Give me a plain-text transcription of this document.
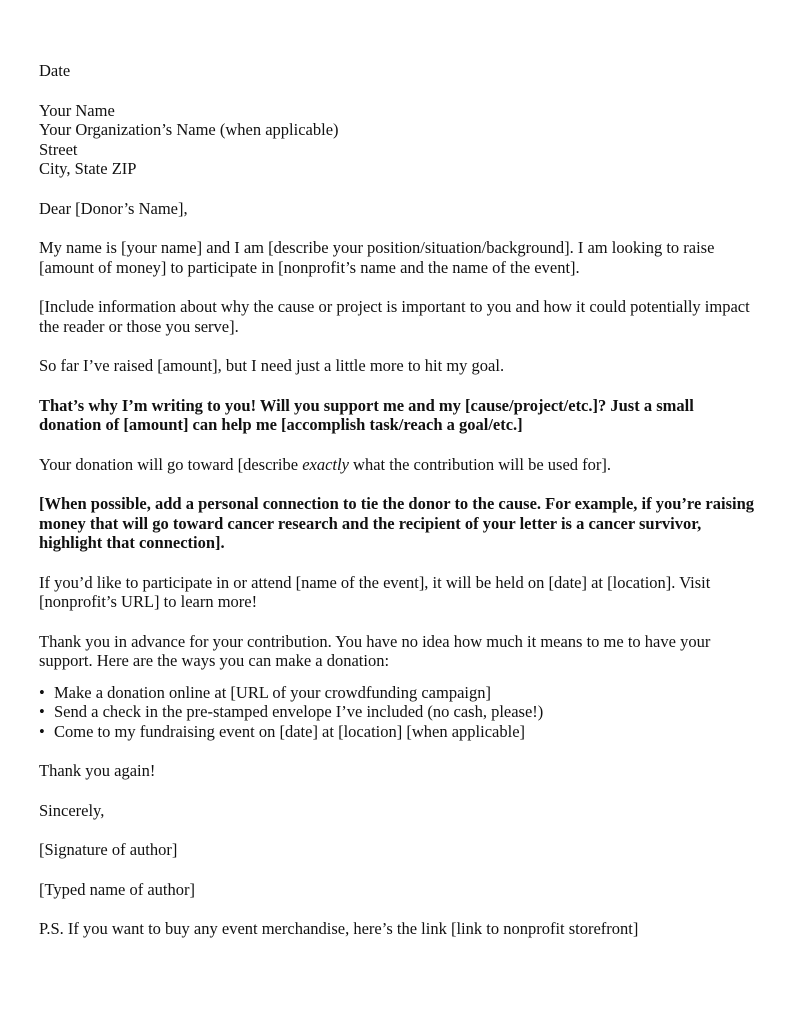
Date

Your Name

Your Organization’s Name (when applicable)

Street

City, State ZIP

Dear [Donor’s Name],

My name is [your name] and I am [describe your position/situation/background]. I am looking to raise [amount of money] to participate in [nonprofit’s name and the name of the event].

[Include information about why the cause or project is important to you and how it could potentially impact the reader or those you serve].

So far I’ve raised [amount], but I need just a little more to hit my goal.

That’s why I’m writing to you! Will you support me and my [cause/project/etc.]? Just a small donation of [amount] can help me [accomplish task/reach a goal/etc.]

Your donation will go toward [describe exactly what the contribution will be used for].

[When possible, add a personal connection to tie the donor to the cause. For example, if you’re raising money that will go toward cancer research and the recipient of your letter is a cancer survivor, highlight that connection].

If you’d like to participate in or attend [name of the event], it will be held on [date] at [location]. Visit [nonprofit’s URL] to learn more!

Thank you in advance for your contribution. You have no idea how much it means to me to have your support. Here are the ways you can make a donation:

• Make a donation online at [URL of your crowdfunding campaign]
• Send a check in the pre-stamped envelope I’ve included (no cash, please!)
• Come to my fundraising event on [date] at [location] [when applicable]

Thank you again!

Sincerely,

[Signature of author]

[Typed name of author]

P.S. If you want to buy any event merchandise, here’s the link [link to nonprofit storefront]
